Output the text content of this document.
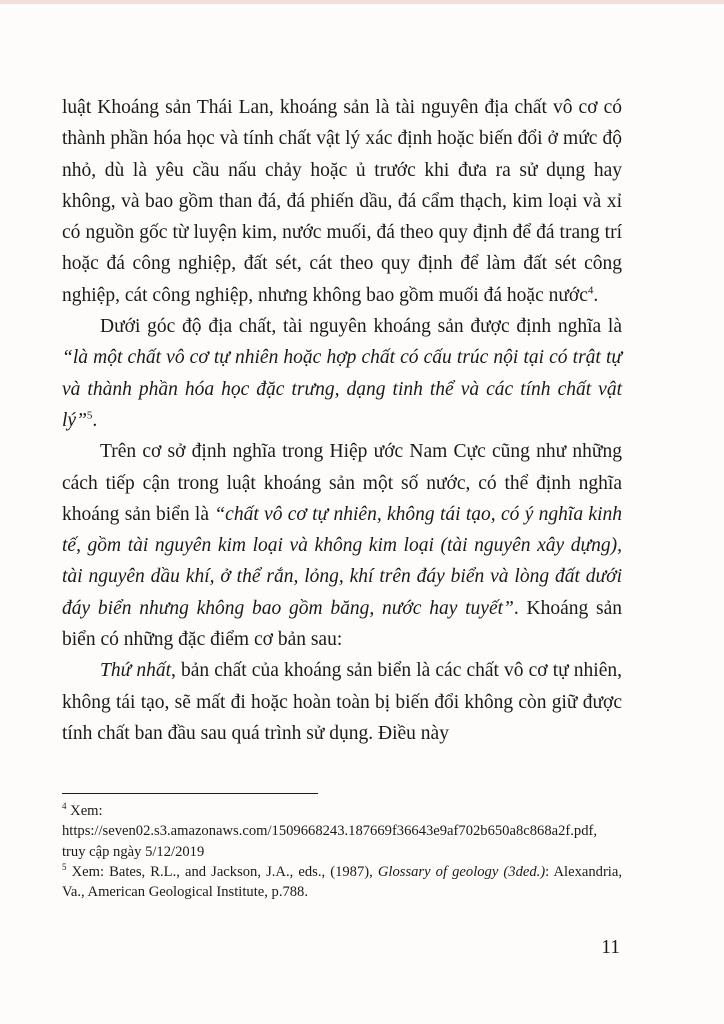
luật Khoáng sản Thái Lan, khoáng sản là tài nguyên địa chất vô cơ có thành phần hóa học và tính chất vật lý xác định hoặc biến đổi ở mức độ nhỏ, dù là yêu cầu nấu chảy hoặc ủ trước khi đưa ra sử dụng hay không, và bao gồm than đá, đá phiến dầu, đá cẩm thạch, kim loại và xỉ có nguồn gốc từ luyện kim, nước muối, đá theo quy định để đá trang trí hoặc đá công nghiệp, đất sét, cát theo quy định để làm đất sét công nghiệp, cát công nghiệp, nhưng không bao gồm muối đá hoặc nước$^4$.

Dưới góc độ địa chất, tài nguyên khoáng sản được định nghĩa là “là một chất vô cơ tự nhiên hoặc hợp chất có cấu trúc nội tại có trật tự và thành phần hóa học đặc trưng, dạng tinh thể và các tính chất vật lý”$^5$.

Trên cơ sở định nghĩa trong Hiệp ước Nam Cực cũng như những cách tiếp cận trong luật khoáng sản một số nước, có thể định nghĩa khoáng sản biển là “chất vô cơ tự nhiên, không tái tạo, có ý nghĩa kinh tế, gồm tài nguyên kim loại và không kim loại (tài nguyên xây dựng), tài nguyên dầu khí, ở thể rắn, lỏng, khí trên đáy biển và lòng đất dưới đáy biển nhưng không bao gồm băng, nước hay tuyết”. Khoáng sản biển có những đặc điểm cơ bản sau:

Thứ nhất, bản chất của khoáng sản biển là các chất vô cơ tự nhiên, không tái tạo, sẽ mất đi hoặc hoàn toàn bị biến đổi không còn giữ được tính chất ban đầu sau quá trình sử dụng. Điều này

$^4$ Xem:
https://seven02.s3.amazonaws.com/1509668243.187669f36643e9af702b650a8c868a2f.pdf, truy cập ngày 5/12/2019

$^5$ Xem: Bates, R.L., and Jackson, J.A., eds., (1987), Glossary of geology (3ded.): Alexandria, Va., American Geological Institute, p.788.

11
